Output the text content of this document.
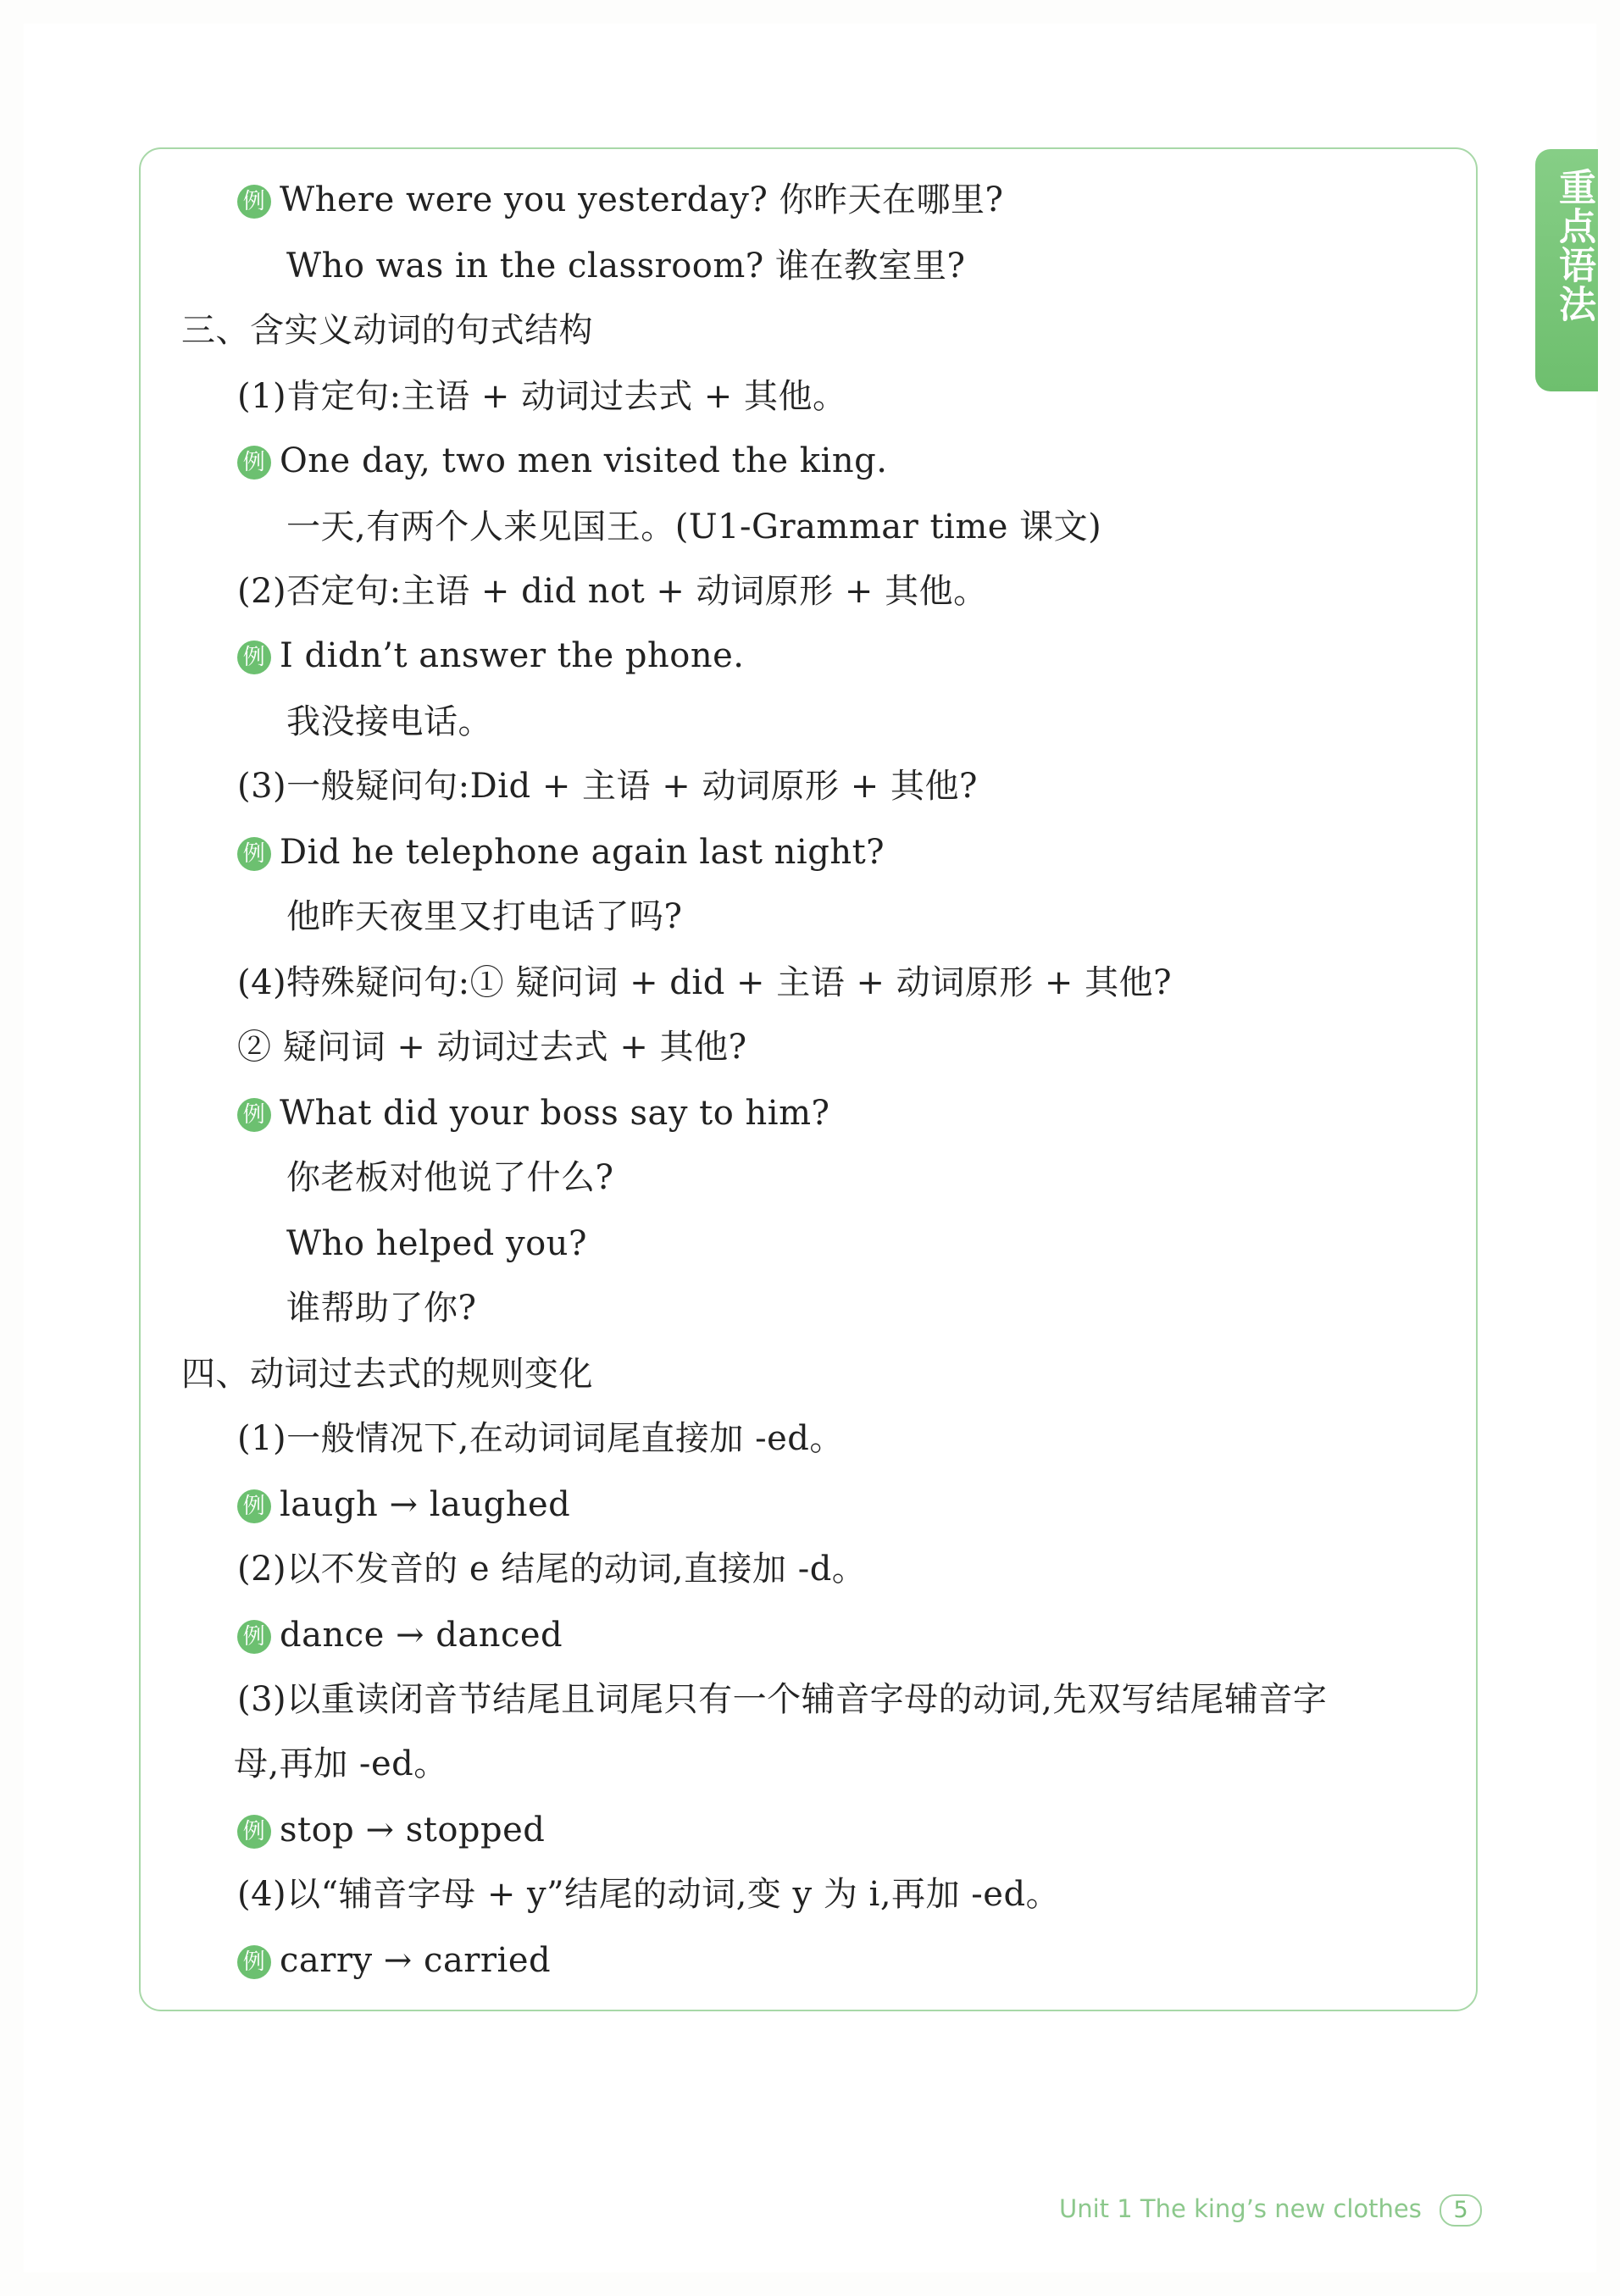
重点语法
例 Where were you yesterday? 你昨天在哪里?
Who was in the classroom? 谁在教室里?
三、含实义动词的句式结构
(1)肯定句:主语 + 动词过去式 + 其他。
例 One day, two men visited the king.
一天,有两个人来见国王。(U1-Grammar time 课文)
(2)否定句:主语 + did not + 动词原形 + 其他。
例 I didn’t answer the phone.
我没接电话。
(3)一般疑问句:Did + 主语 + 动词原形 + 其他?
例 Did he telephone again last night?
他昨天夜里又打电话了吗?
(4)特殊疑问句:① 疑问词 + did + 主语 + 动词原形 + 其他?
② 疑问词 + 动词过去式 + 其他?
例 What did your boss say to him?
你老板对他说了什么?
Who helped you?
谁帮助了你?
四、动词过去式的规则变化
(1)一般情况下,在动词词尾直接加 -ed。
例 laugh → laughed
(2)以不发音的 e 结尾的动词,直接加 -d。
例 dance → danced
(3)以重读闭音节结尾且词尾只有一个辅音字母的动词,先双写结尾辅音字
母,再加 -ed。
例 stop → stopped
(4)以“辅音字母 + y”结尾的动词,变 y 为 i,再加 -ed。
例 carry → carried
Unit 1 The king’s new clothes 5
